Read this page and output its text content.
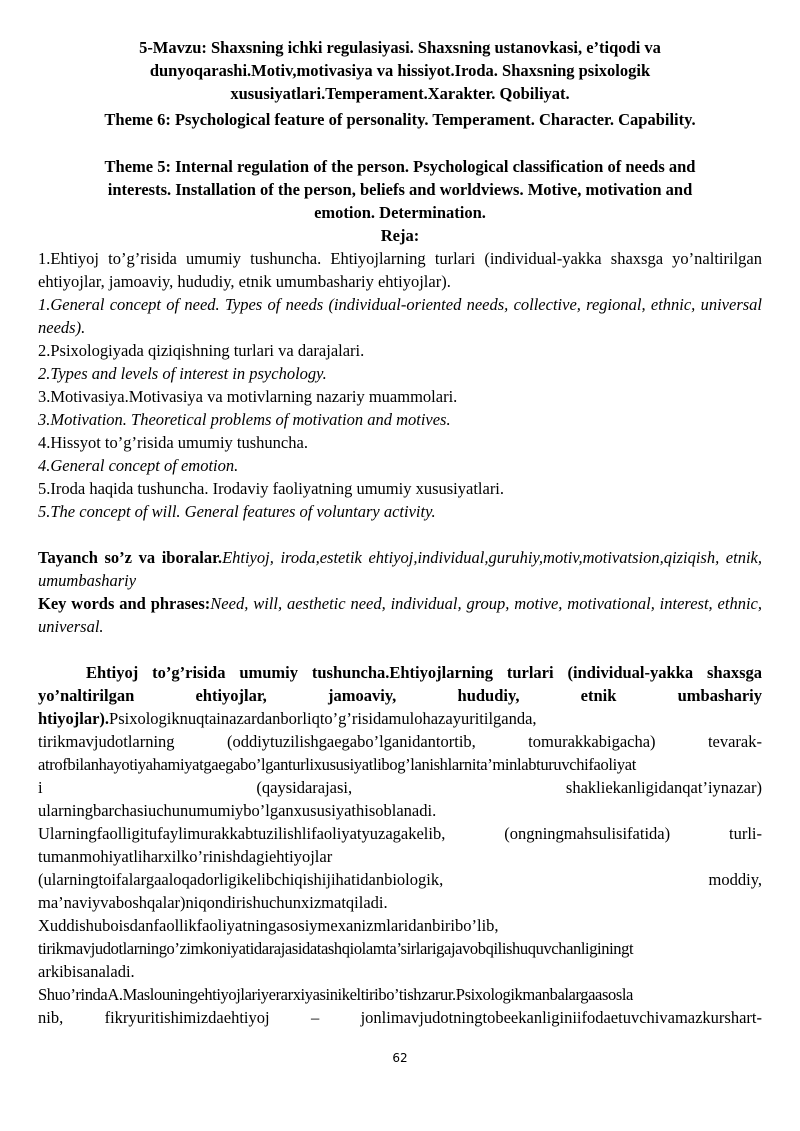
5-Mavzu: Shaxsning ichki regulasiyasi. Shaxsning ustanovkasi, e’tiqodi va
dunyoqarashi.Motiv,motivasiya va hissiyot.Iroda. Shaxsning psixologik
xususiyatlari.Temperament.Xarakter. Qobiliyat.
Theme 6: Psychological feature of personality. Temperament. Character. Capability.
Theme 5: Internal regulation of the person. Psychological classification of needs and
interests. Installation of the person, beliefs and worldviews. Motive, motivation and
emotion. Determination.
Reja:
1.Ehtiyoj to’g’risida umumiy tushuncha. Ehtiyojlarning turlari (individual-yakka shaxsga yo’naltirilgan ehtiyojlar, jamoaviy, hududiy, etnik umumbashariy ehtiyojlar).
1.General concept of need. Types of needs (individual-oriented needs, collective, regional, ethnic, universal needs).
2.Psixologiyada qiziqishning turlari va darajalari.
2.Types and levels of interest in psychology.
3.Motivasiya.Motivasiya va motivlarning nazariy muammolari.
3.Motivation. Theoretical problems of motivation and motives.
4.Hissyot to’g’risida umumiy tushuncha.
4.General concept of emotion.
5.Iroda haqida tushuncha. Irodaviy faoliyatning umumiy xususiyatlari.
5.The concept of will. General features of voluntary activity.
Tayanch so’z va iboralar.Ehtiyoj, iroda,estetik ehtiyoj,individual,guruhiy,motiv,motivatsion,qiziqish, etnik, umumbashariy
Key words and phrases:Need, will, aesthetic need, individual, group, motive, motivational, interest, ethnic, universal.
Ehtiyoj to’g’risida umumiy tushuncha.Ehtiyojlarning turlari (individual-yakka shaxsga yo’naltirilgan ehtiyojlar, jamoaviy, hududiy, etnik umbashariy htiyojlar).Psixologiknuqtainazardanborliqto’g’risidamulohazayuritilganda,
tirikmavjudotlarning (oddiytuzilishgaegabo’lganidantortib, tomurakkabigacha) tevarak-
atrofbilanhayotiyahamiyatgaegabo’lganturlixususiyatlibog’lanishlarnita’minlabturuvchifaoliyat
i (qaysidarajasi, shakliekanligidanqat’iynazar)
ularningbarchasiuchunumumiybo’lganxususiyathisoblanadi.
Ularningfaolligitufaylimurakkabtuzilishlifaoliyatyuzagakelib, (ongningmahsulisifatida) turli-
tumanmohiyatliharxilko’rinishdagiehtiyojlar
(ularningtoifalargaaloqadorligikelibchiqishijihatidanbiologik, moddiy,
ma’naviyvaboshqalar)niqondirishuchunxizmatqiladi.
Xuddishuboisdanfaollikfaoliyatningasosiymexanizmlaridanbiribo’lib,
tirikmavjudotlarningo’zimkoniyatidarajasidatashqiolamta’sirlarigajavobqilishuquvchanliginingt
arkibisanaladi.
Shuo’rindaA.Maslouningehtiyojlariyerarxiyasinikeltiribo’tishzarur.Psixologikmanbalargaasosla
nib, fikryuritishimizdaehtiyoj – jonlimavjudotningtobeekanliginiifodaetuvchivamazkurshart-
62
